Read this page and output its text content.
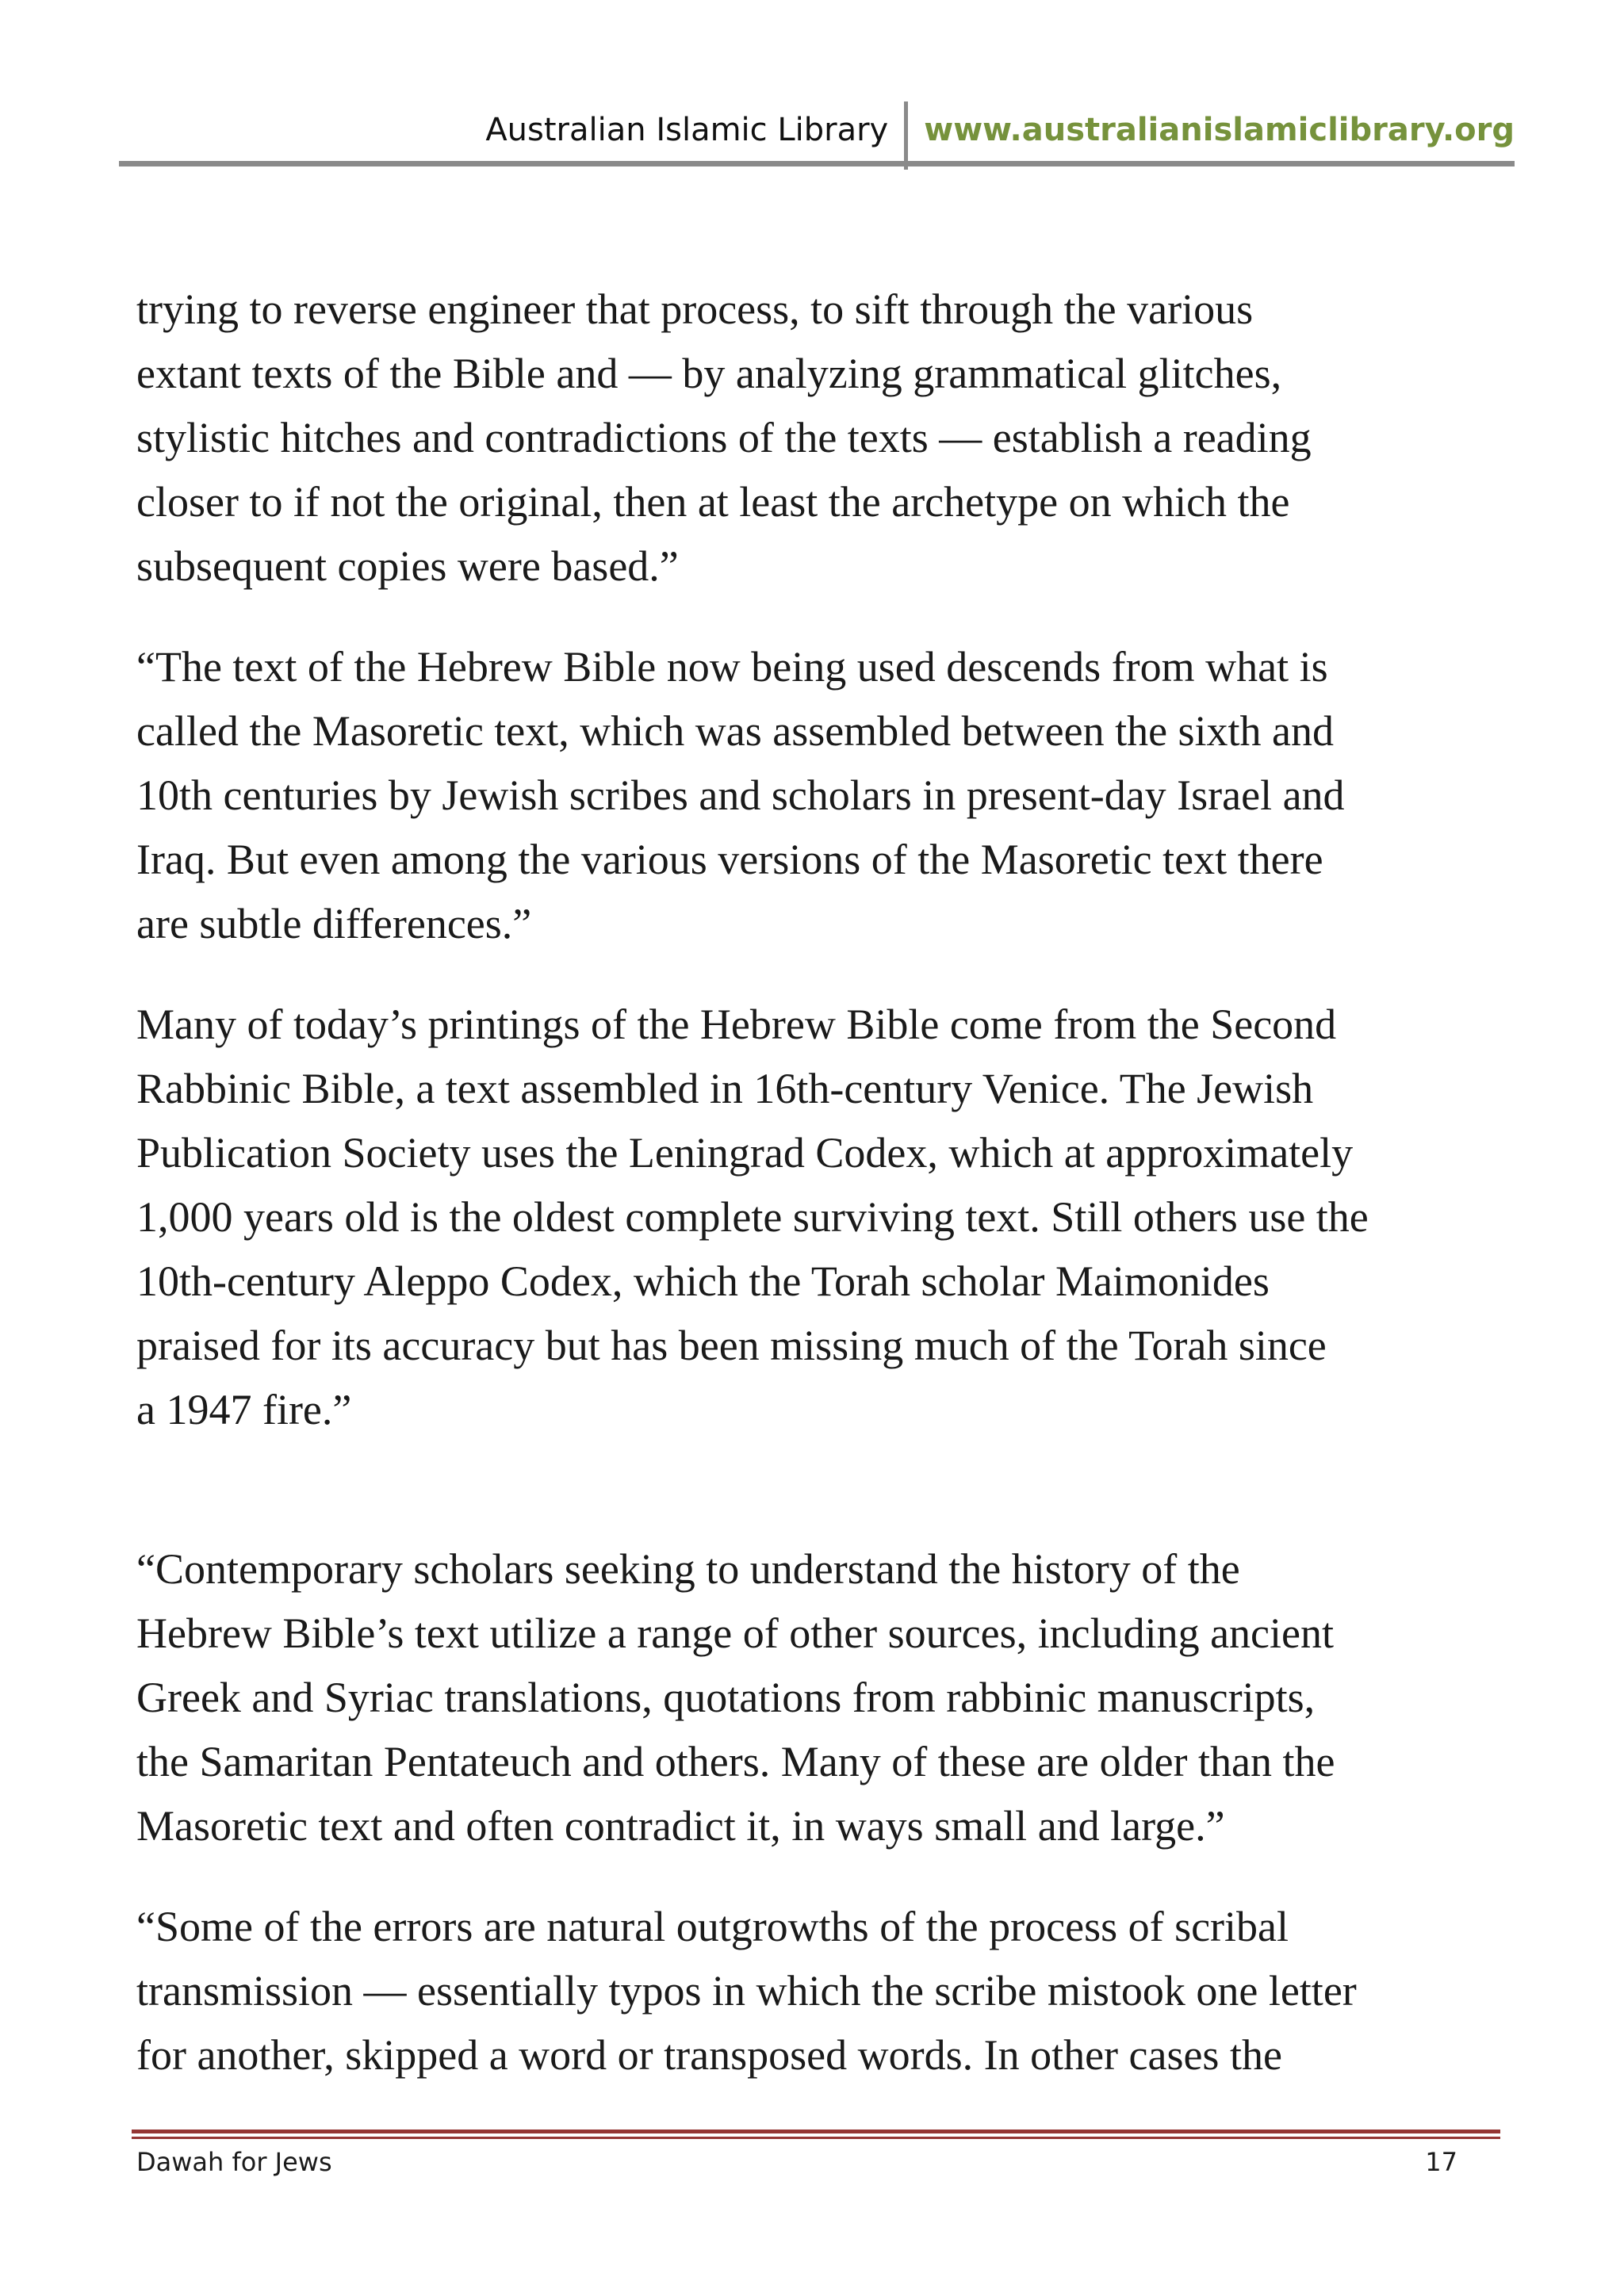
Australian Islamic Library	www.australianislamiclibrary.org

trying to reverse engineer that process, to sift through the various
extant texts of the Bible and — by analyzing grammatical glitches,
stylistic hitches and contradictions of the texts — establish a reading
closer to if not the original, then at least the archetype on which the
subsequent copies were based.”

“The text of the Hebrew Bible now being used descends from what is
called the Masoretic text, which was assembled between the sixth and
10th centuries by Jewish scribes and scholars in present-day Israel and
Iraq. But even among the various versions of the Masoretic text there
are subtle differences.”

Many of today’s printings of the Hebrew Bible come from the Second
Rabbinic Bible, a text assembled in 16th-century Venice. The Jewish
Publication Society uses the Leningrad Codex, which at approximately
1,000 years old is the oldest complete surviving text. Still others use the
10th-century Aleppo Codex, which the Torah scholar Maimonides
praised for its accuracy but has been missing much of the Torah since
a 1947 fire.”

“Contemporary scholars seeking to understand the history of the
Hebrew Bible’s text utilize a range of other sources, including ancient
Greek and Syriac translations, quotations from rabbinic manuscripts,
the Samaritan Pentateuch and others. Many of these are older than the
Masoretic text and often contradict it, in ways small and large.”

“Some of the errors are natural outgrowths of the process of scribal
transmission — essentially typos in which the scribe mistook one letter
for another, skipped a word or transposed words. In other cases the

Dawah for Jews	17
